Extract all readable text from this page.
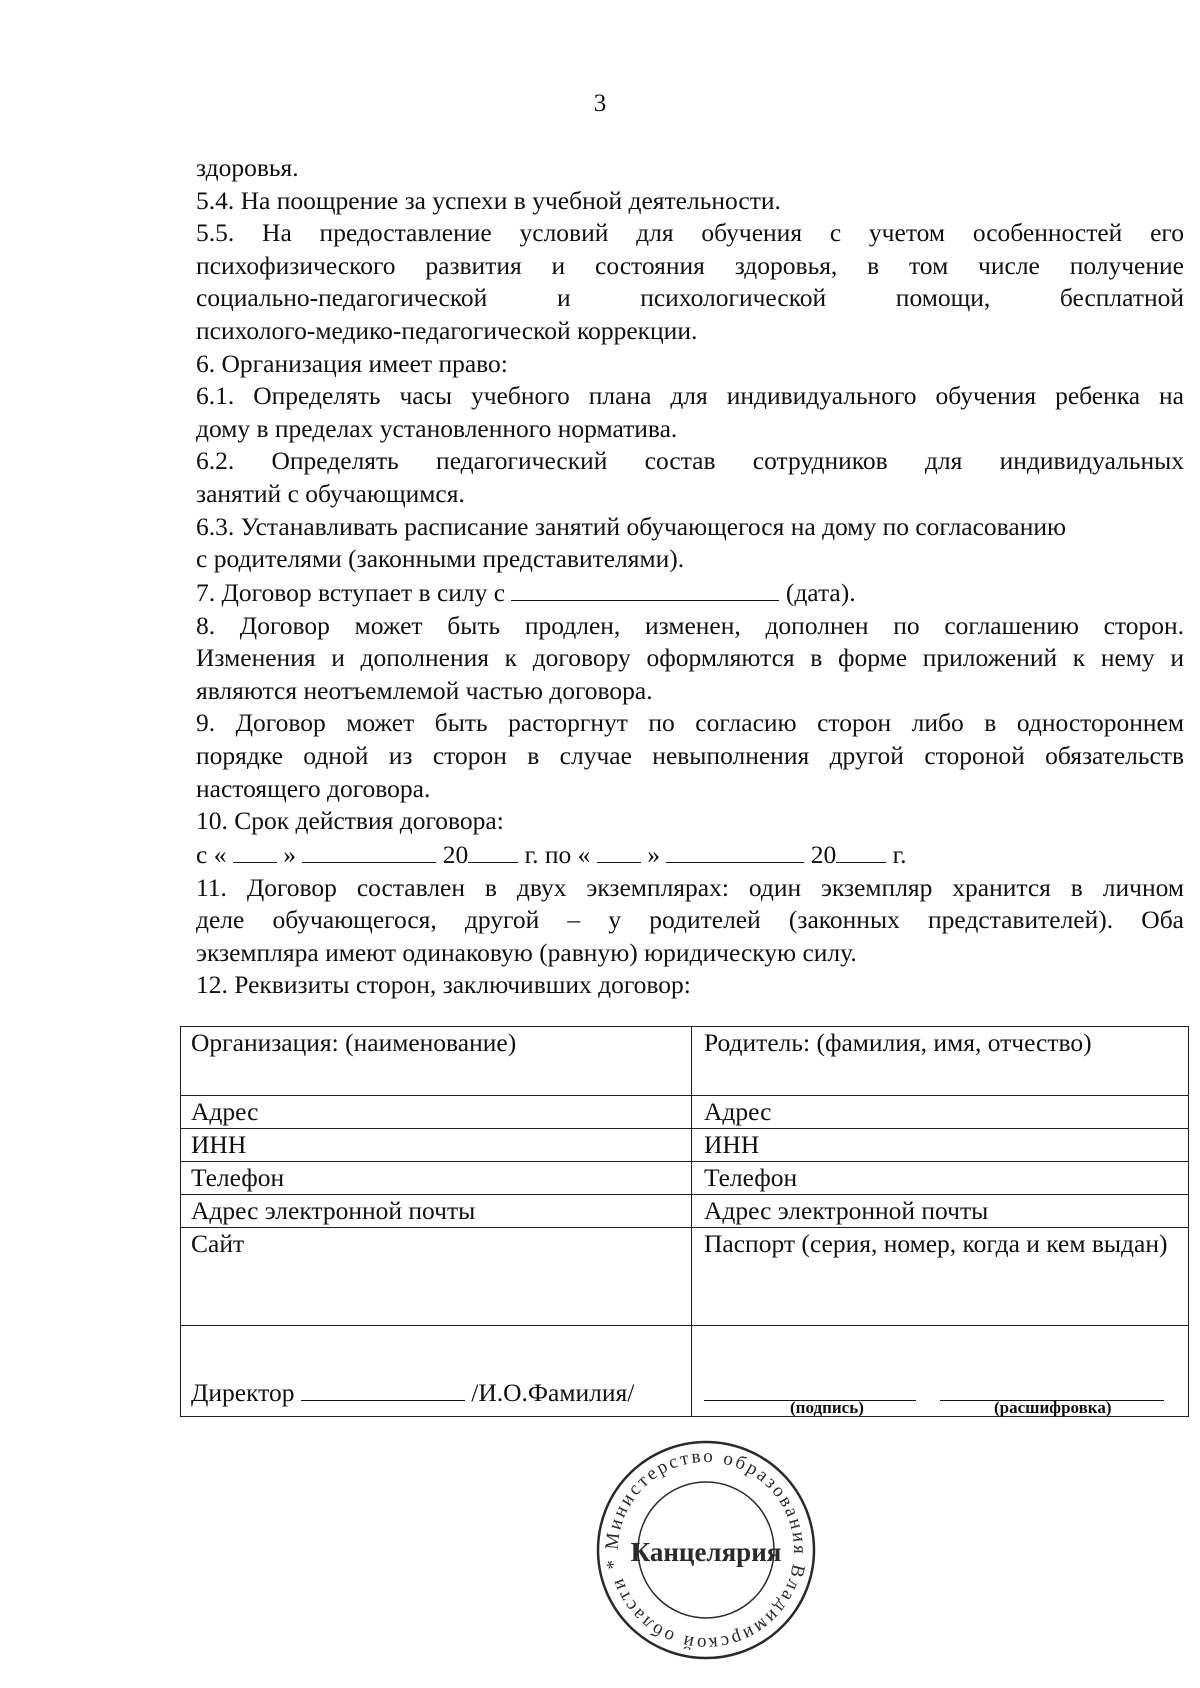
3
здоровья.
5.4. На поощрение за успехи в учебной деятельности.
5.5. На предоставление условий для обучения с учетом особенностей его
психофизического развития и состояния здоровья, в том числе получение
социально-педагогической и психологической помощи, бесплатной
психолого-медико-педагогической коррекции.
6. Организация имеет право:
6.1. Определять часы учебного плана для индивидуального обучения ребенка на
дому в пределах установленного норматива.
6.2. Определять педагогический состав сотрудников для индивидуальных
занятий с обучающимся.
6.3. Устанавливать расписание занятий обучающегося на дому по согласованию
с родителями (законными представителями).
7. Договор вступает в силу с	(дата).
8. Договор может быть продлен, изменен, дополнен по соглашению сторон.
Изменения и дополнения к договору оформляются в форме приложений к нему и
являются неотъемлемой частью договора.
9. Договор может быть расторгнут по согласию сторон либо в одностороннем
порядке одной из сторон в случае невыполнения другой стороной обязательств
настоящего договора.
10. Срок действия договора:
с « »	20 г. по « »	20 г.
11. Договор составлен в двух экземплярах: один экземпляр хранится в личном
деле обучающегося, другой – у родителей (законных представителей). Оба
экземпляра имеют одинаковую (равную) юридическую силу.
12. Реквизиты сторон, заключивших договор:
Организация: (наименование)	Родитель: (фамилия, имя, отчество)
Адрес	Адрес
ИНН	ИНН
Телефон	Телефон
Адрес электронной почты	Адрес электронной почты
Сайт	Паспорт (серия, номер, когда и кем выдан)
Директор /И.О.Фамилия/	(подпись) (расшифровка)
Министерство образования Владимирской области * Канцелярия
